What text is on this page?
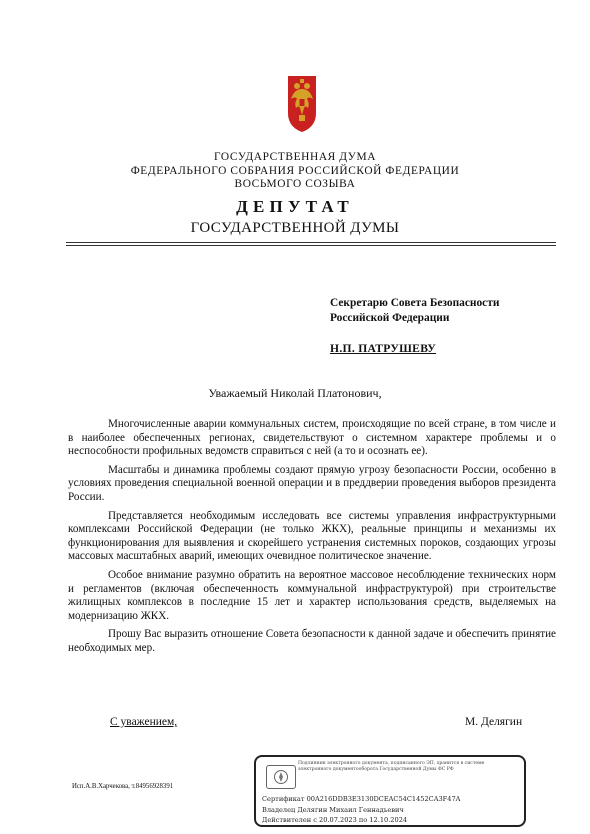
ГОСУДАРСТВЕННАЯ ДУМА
ФЕДЕРАЛЬНОГО СОБРАНИЯ РОССИЙСКОЙ ФЕДЕРАЦИИ
ВОСЬМОГО СОЗЫВА
ДЕПУТАТ
ГОСУДАРСТВЕННОЙ ДУМЫ
Секретарю Совета Безопасности
Российской Федерации
Н.П. ПАТРУШЕВУ
Уважаемый Николай Платонович,

Многочисленные аварии коммунальных систем, происходящие по всей стране, в том числе и в наиболее обеспеченных регионах, свидетельствуют о системном характере проблемы и о неспособности профильных ведомств справиться с ней (а то и осознать ее).

Масштабы и динамика проблемы создают прямую угрозу безопасности России, особенно в условиях проведения специальной военной операции и в преддверии проведения выборов президента России.

Представляется необходимым исследовать все системы управления инфраструктурными комплексами Российской Федерации (не только ЖКХ), реальные принципы и механизмы их функционирования для выявления и скорейшего устранения системных пороков, создающих угрозы массовых масштабных аварий, имеющих очевидное политическое значение.

Особое внимание разумно обратить на вероятное массовое несоблюдение технических норм и регламентов (включая обеспеченность коммунальной инфраструктурой) при строительстве жилищных комплексов в последние 15 лет и характер использования средств, выделяемых на модернизацию ЖКХ.

Прошу Вас выразить отношение Совета безопасности к данной задаче и обеспечить принятие необходимых мер.

С уважением,	М. Делягин
Исп.А.В.Харчекова, т.84956928391
Подлинник электронного документа, подписанного ЭП, хранится в системе электронного документооборота Государственной Думы ФС РФ
Сертификат 00A216DDB3E3130DCEAC54C1452CA3F47A
Владелец Делягин Михаил Геннадьевич
Действителен с 20.07.2023 по 12.10.2024
